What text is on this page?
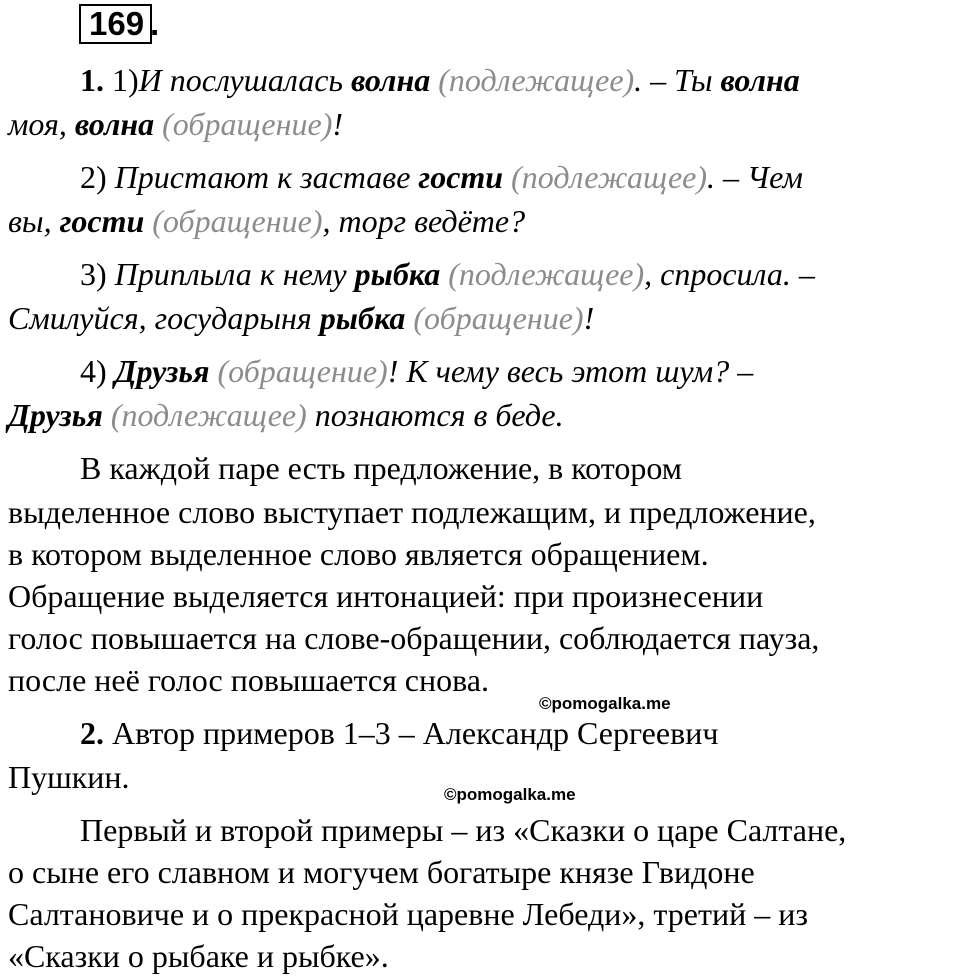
169 .
1. 1)И послушалась волна (подлежащее). – Ты волна
моя, волна (обращение)!
2) Пристают к заставе гости (подлежащее). – Чем
вы, гости (обращение), торг ведёте?
3) Приплыла к нему рыбка (подлежащее), спросила. –
Смилуйся, государыня рыбка (обращение)!
4) Друзья (обращение)! К чему весь этот шум? –
Друзья (подлежащее) познаются в беде.
В каждой паре есть предложение, в котором
выделенное слово выступает подлежащим, и предложение,
в котором выделенное слово является обращением.
Обращение выделяется интонацией: при произнесении
голос повышается на слове-обращении, соблюдается пауза,
после неё голос повышается снова.
©pomogalka.me
2. Автор примеров 1–3 – Александр Сергеевич
Пушкин.	©pomogalka.me
Первый и второй примеры – из «Сказки о царе Салтане,
о сыне его славном и могучем богатыре князе Гвидоне
Салтановиче и о прекрасной царевне Лебеди», третий – из
«Сказки о рыбаке и рыбке».
